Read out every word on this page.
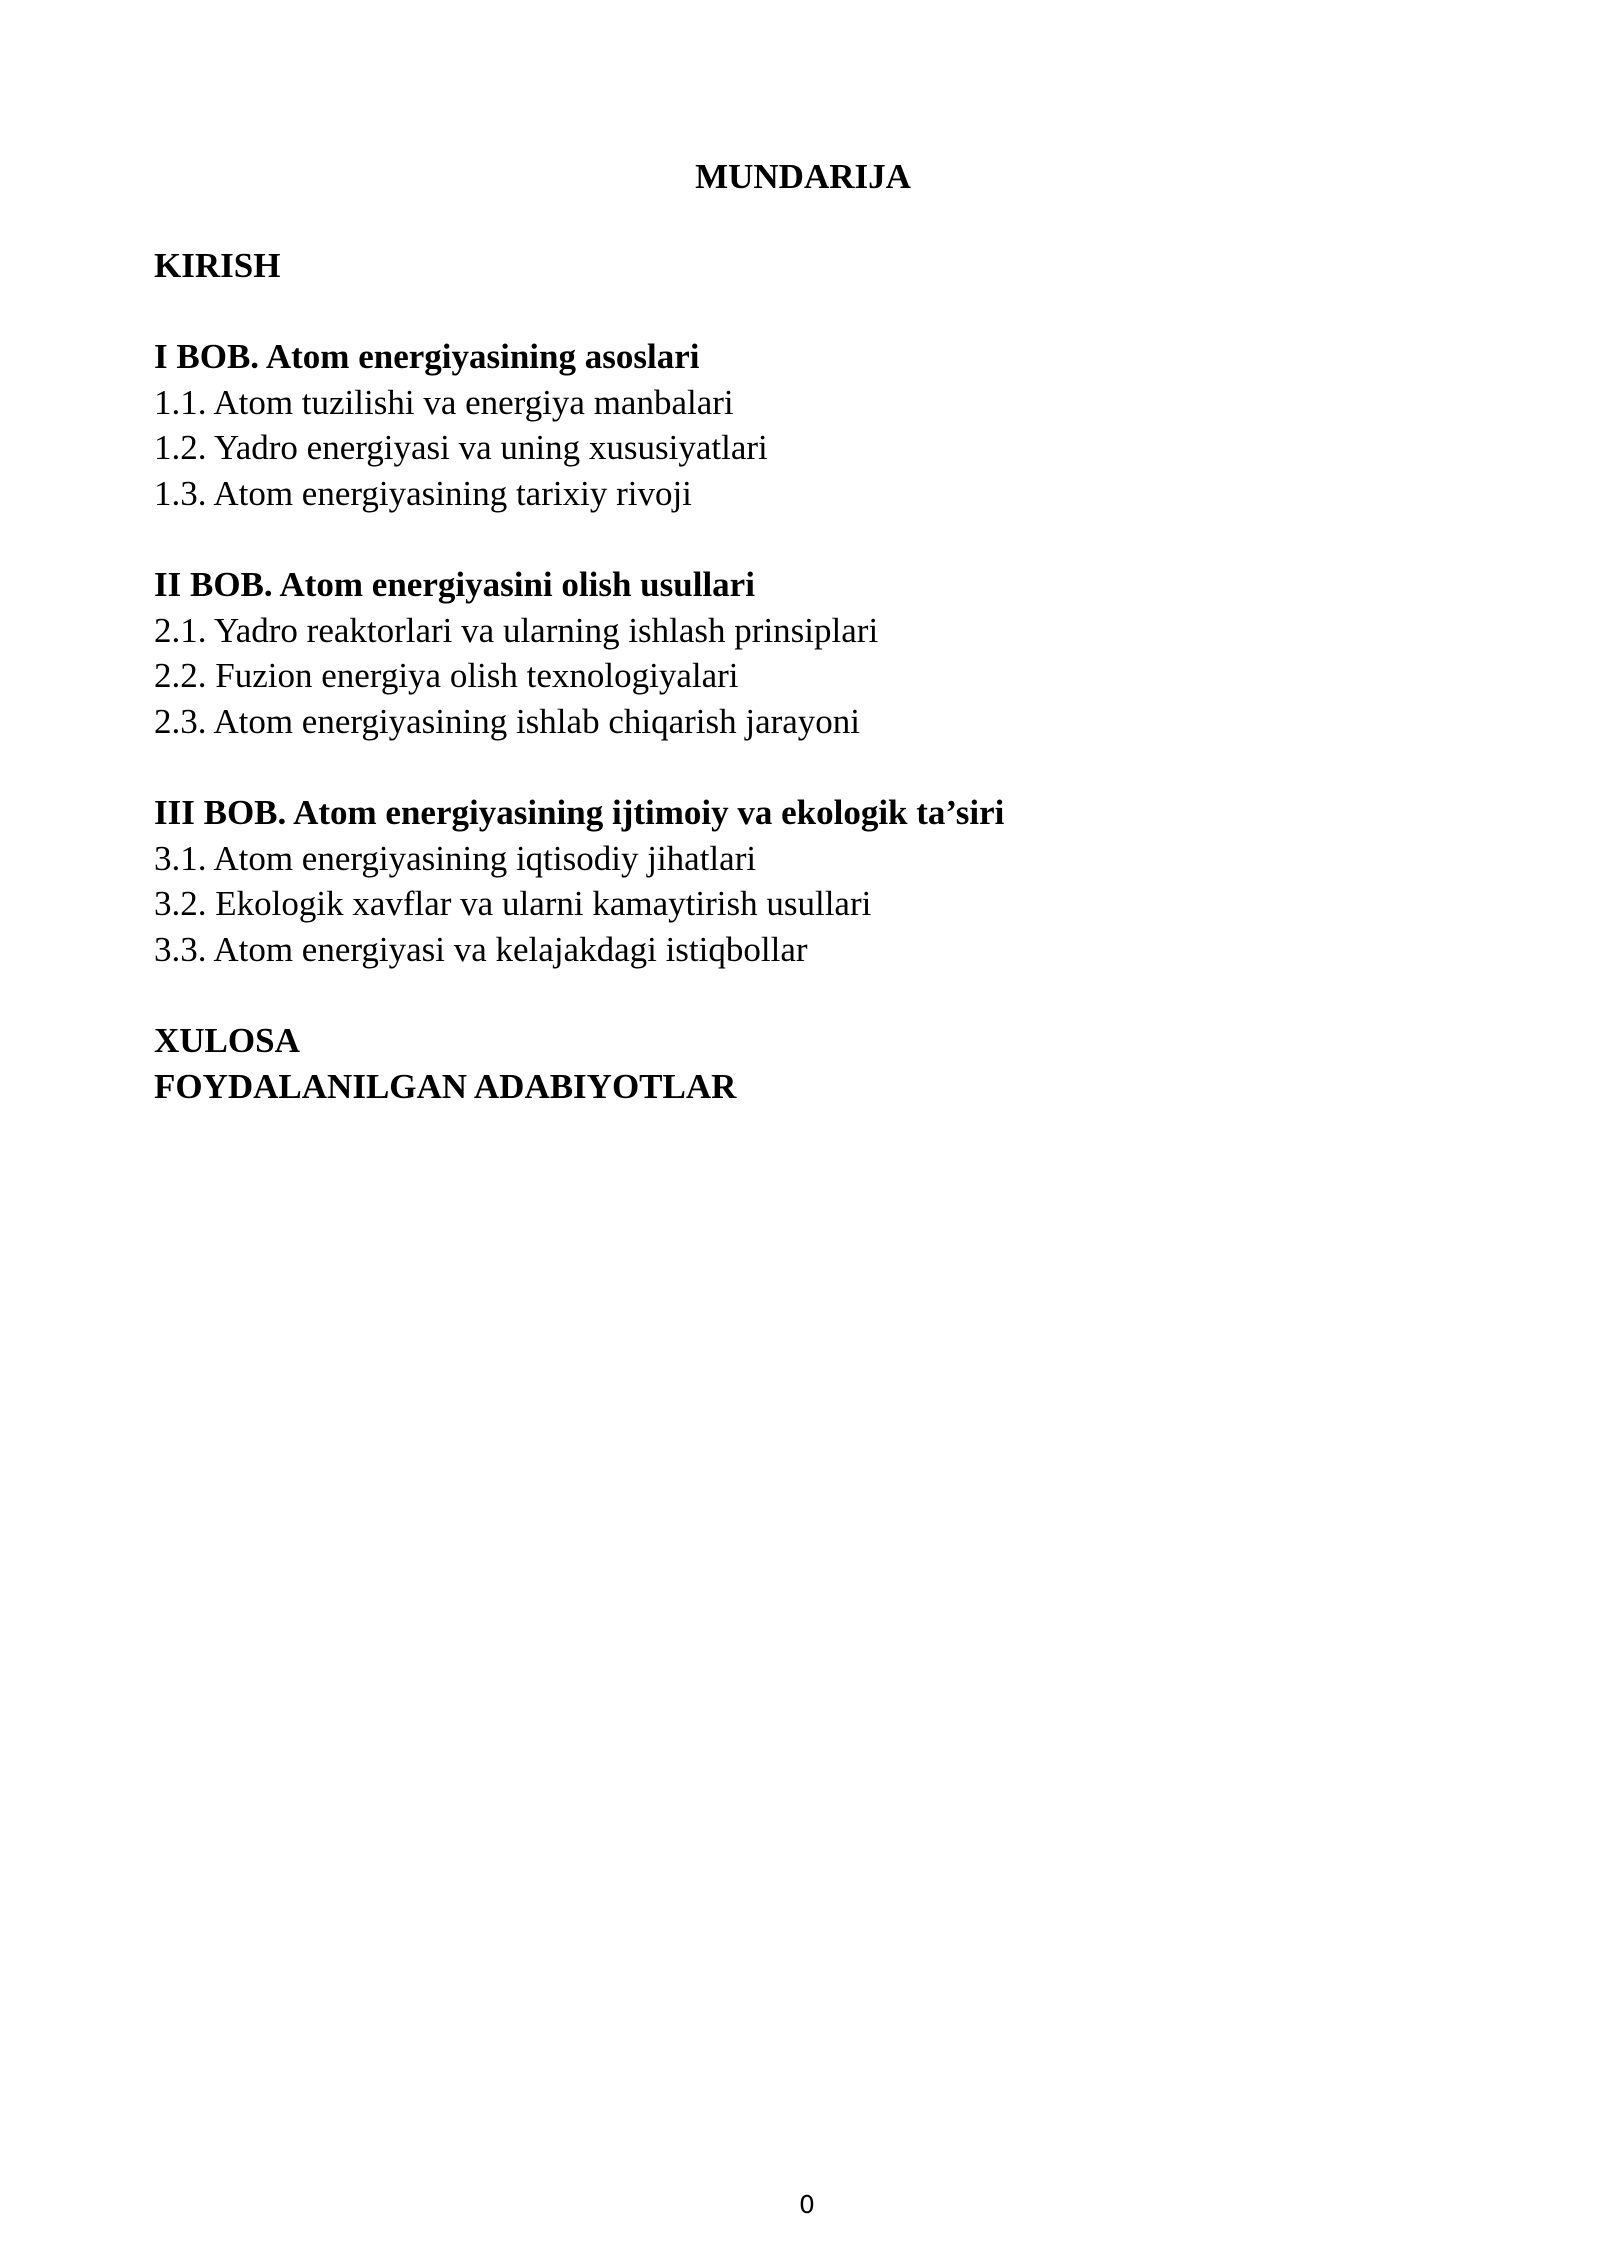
MUNDARIJA
KIRISH
I BOB. Atom energiyasining asoslari
1.1. Atom tuzilishi va energiya manbalari
1.2. Yadro energiyasi va uning xususiyatlari
1.3. Atom energiyasining tarixiy rivoji
II BOB. Atom energiyasini olish usullari
2.1. Yadro reaktorlari va ularning ishlash prinsiplari
2.2. Fuzion energiya olish texnologiyalari
2.3. Atom energiyasining ishlab chiqarish jarayoni
III BOB. Atom energiyasining ijtimoiy va ekologik ta’siri
3.1. Atom energiyasining iqtisodiy jihatlari
3.2. Ekologik xavflar va ularni kamaytirish usullari
3.3. Atom energiyasi va kelajakdagi istiqbollar
XULOSA
FOYDALANILGAN ADABIYOTLAR
0
